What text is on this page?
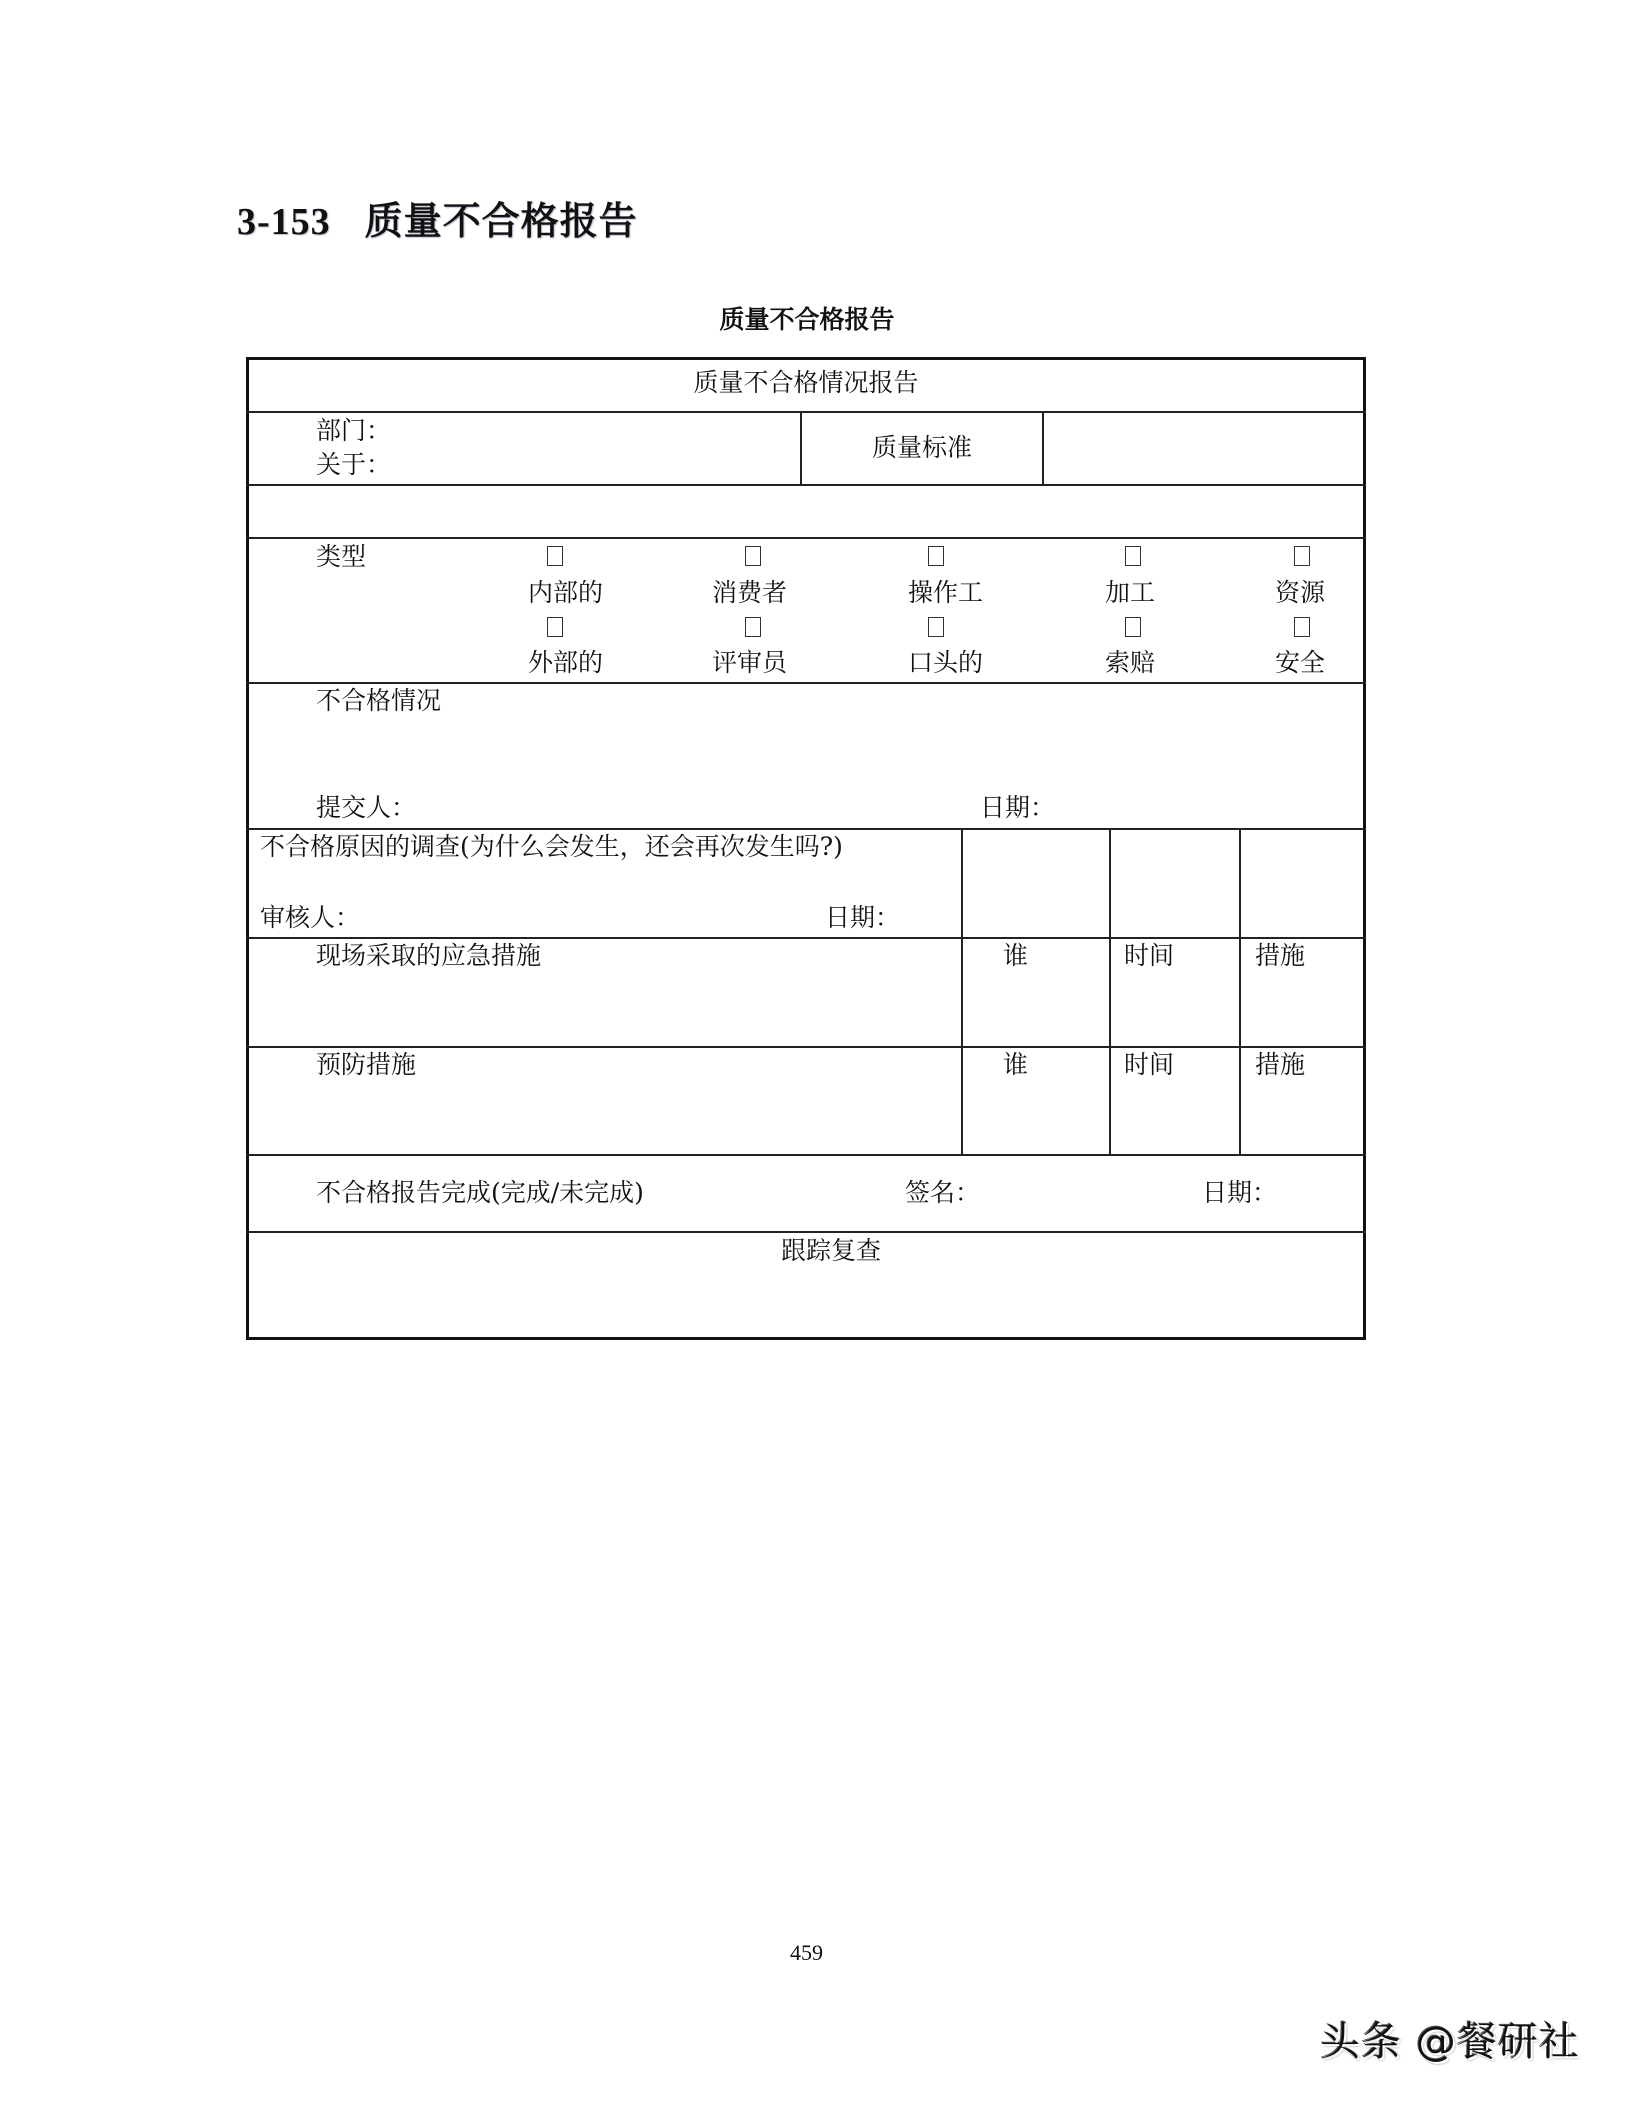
3-153 质量不合格报告
质量不合格报告
质量不合格情况报告
部门：
关于：
质量标准
类型
内部的	消费者	操作工	加工	资源
外部的	评审员	口头的	索赔	安全
不合格情况
提交人：	日期：
不合格原因的调查(为什么会发生，还会再次发生吗?)
审核人：	日期：
现场采取的应急措施	谁	时间	措施
预防措施	谁	时间	措施
不合格报告完成(完成/未完成)	签名：	日期：
跟踪复查
459
头条 @餐研社
